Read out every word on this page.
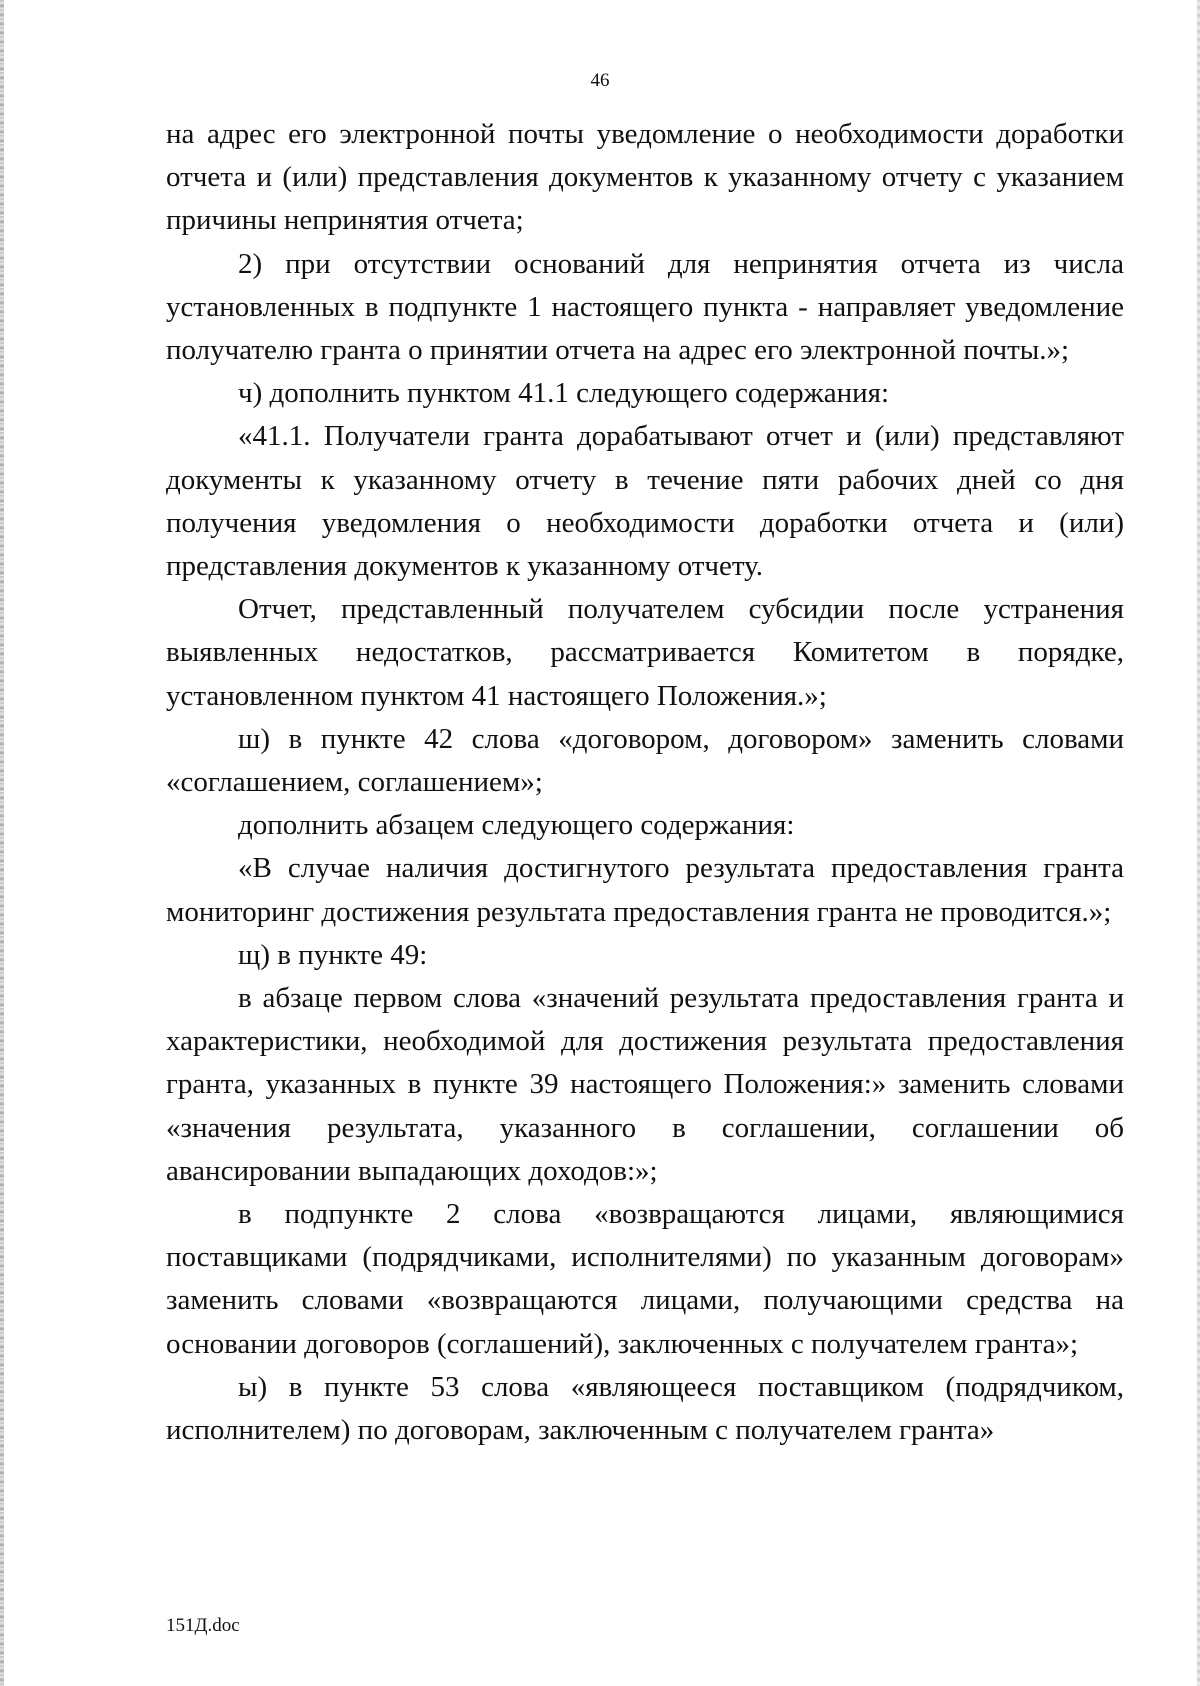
46

на адрес его электронной почты уведомление о необходимости доработки отчета и (или) представления документов к указанному отчету с указанием причины непринятия отчета;

2) при отсутствии оснований для непринятия отчета из числа установленных в подпункте 1 настоящего пункта - направляет уведомление получателю гранта о принятии отчета на адрес его электронной почты.»;

ч) дополнить пунктом 41.1 следующего содержания:

«41.1. Получатели гранта дорабатывают отчет и (или) представляют документы к указанному отчету в течение пяти рабочих дней со дня получения уведомления о необходимости доработки отчета и (или) представления документов к указанному отчету.

Отчет, представленный получателем субсидии после устранения выявленных недостатков, рассматривается Комитетом в порядке, установленном пунктом 41 настоящего Положения.»;

ш) в пункте 42 слова «договором, договором» заменить словами «соглашением, соглашением»;

дополнить абзацем следующего содержания:

«В случае наличия достигнутого результата предоставления гранта мониторинг достижения результата предоставления гранта не проводится.»;

щ) в пункте 49:

в абзаце первом слова «значений результата предоставления гранта и характеристики, необходимой для достижения результата предоставления гранта, указанных в пункте 39 настоящего Положения:» заменить словами «значения результата, указанного в соглашении, соглашении об авансировании выпадающих доходов:»;

в подпункте 2 слова «возвращаются лицами, являющимися поставщиками (подрядчиками, исполнителями) по указанным договорам» заменить словами «возвращаются лицами, получающими средства на основании договоров (соглашений), заключенных с получателем гранта»;

ы) в пункте 53 слова «являющееся поставщиком (подрядчиком, исполнителем) по договорам, заключенным с получателем гранта»

151Д.doc
